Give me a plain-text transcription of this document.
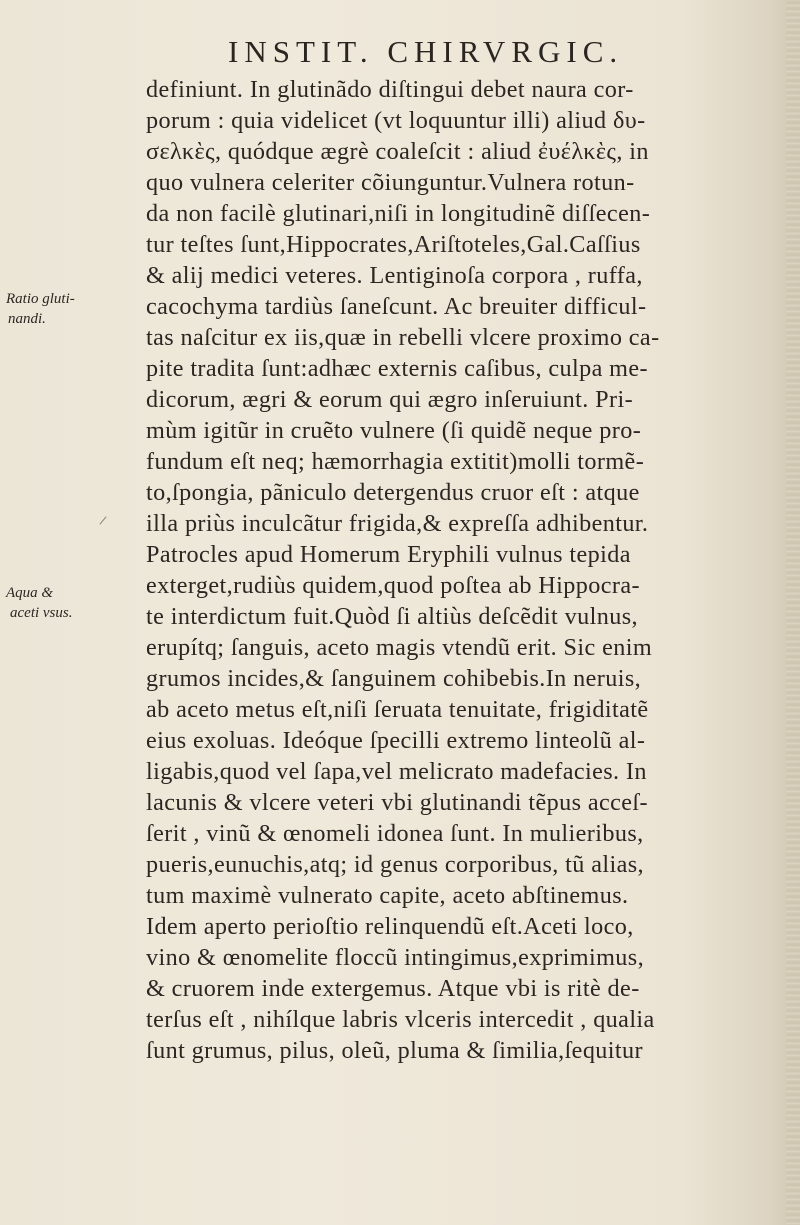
INSTIT. CHIRVRGIC.
Ratio gluti-
nandi.
Aqua &
aceti vsus.
definiunt. In glutinãdo diſtingui debet naura cor-
porum : quia videlicet (vt loquuntur illi) aliud δυ-
σελκὲς, quódque ægrè coaleſcit : aliud ἐυέλκὲς, in
quo vulnera celeriter cõiunguntur.Vulnera rotun-
da non facilè glutinari,niſi in longitudinẽ diſſecen-
tur teſtes ſunt,Hippocrates,Ariſtoteles,Gal.Caſſius
& alij medici veteres. Lentiginoſa corpora , ruffa,
cacochyma tardiùs ſaneſcunt. Ac breuiter difficul-
tas naſcitur ex iis,quæ in rebelli vlcere proximo ca-
pite tradita ſunt:adhæc externis caſibus, culpa me-
dicorum, ægri & eorum qui ægro inſeruiunt. Pri-
mùm igitũr in cruẽto vulnere (ſi quidẽ neque pro-
fundum eſt neq; hæmorrhagia extitit)molli tormẽ-
to,ſpongia, pãniculo detergendus cruor eſt : atque
illa priùs inculcãtur frigida,& expreſſa adhibentur.
Patrocles apud Homerum Eryphili vulnus tepida
exterget,rudiùs quidem,quod poſtea ab Hippocra-
te interdictum fuit.Quòd ſi altiùs deſcẽdit vulnus,
erupítq; ſanguis, aceto magis vtendũ erit. Sic enim
grumos incides,& ſanguinem cohibebis.In neruis,
ab aceto metus eſt,niſi ſeruata tenuitate, frigiditatẽ
eius exoluas. Ideóque ſpecilli extremo linteolũ al-
ligabis,quod vel ſapa,vel melicrato madefacies. In
lacunis & vlcere veteri vbi glutinandi tẽpus acceſ-
ſerit , vinũ & œnomeli idonea ſunt. In mulieribus,
pueris,eunuchis,atq; id genus corporibus, tũ alias,
tum maximè vulnerato capite, aceto abſtinemus.
Idem aperto perioſtio relinquendũ eſt.Aceti loco,
vino & œnomelite floccũ intingimus,exprimimus,
& cruorem inde extergemus. Atque vbi is ritè de-
terſus eſt , nihílque labris vlceris intercedit , qualia
ſunt grumus, pilus, oleũ, pluma & ſimilia,ſequitur
